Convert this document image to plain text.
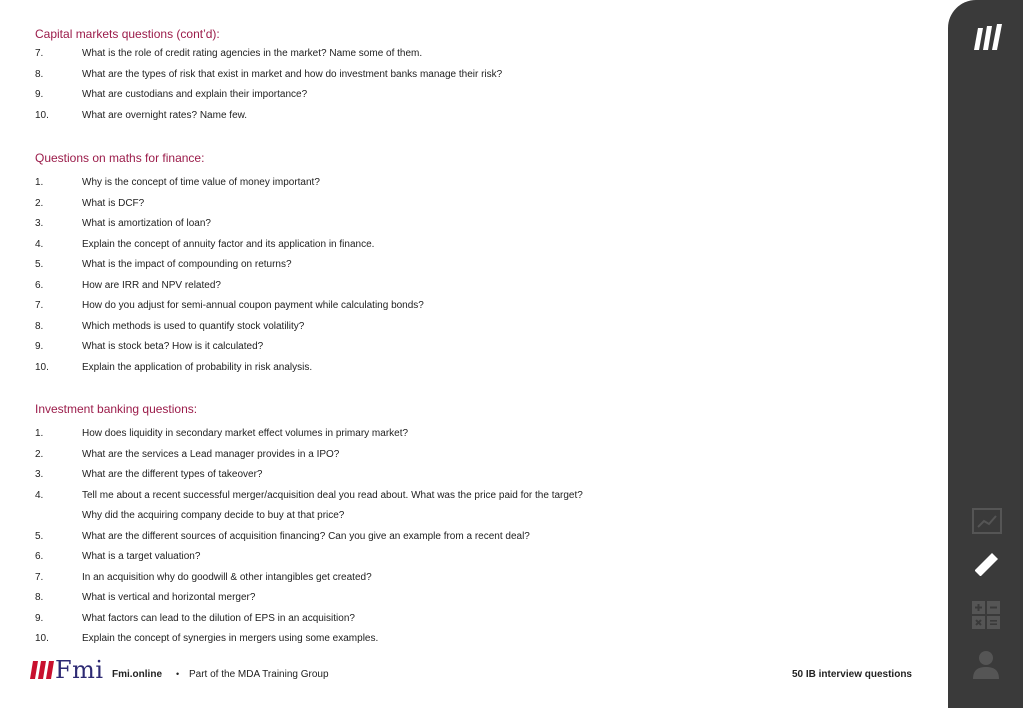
Capital markets questions (cont’d):
7.	What is the role of credit rating agencies in the market? Name some of them.
8.	What are the types of risk that exist in market and how do investment banks manage their risk?
9.	What are custodians and explain their importance?
10.	What are overnight rates? Name few.
Questions on maths for finance:
1.	Why is the concept of time value of money important?
2.	What is DCF?
3.	What is amortization of loan?
4.	Explain the concept of annuity factor and its application in finance.
5.	What is the impact of compounding on returns?
6.	How are IRR and NPV related?
7.	How do you adjust for semi-annual coupon payment while calculating bonds?
8.	Which methods is used to quantify stock volatility?
9.	What is stock beta? How is it calculated?
10.	Explain the application of probability in risk analysis.
Investment banking questions:
1.	How does liquidity in secondary market effect volumes in primary market?
2.	What are the services a Lead manager provides in a IPO?
3.	What are the different types of takeover?
4.	Tell me about a recent successful merger/acquisition deal you read about. What was the price paid for the target?
Why did the acquiring company decide to buy at that price?
5.	What are the different sources of acquisition financing? Can you give an example from a recent deal?
6.	What is a target valuation?
7.	In an acquisition why do goodwill & other intangibles get created?
8.	What is vertical and horizontal merger?
9.	What factors can lead to the dilution of EPS in an acquisition?
10.	Explain the concept of synergies in mergers using some examples.
Fmi Fmi.online • Part of the MDA Training Group	50 IB interview questions
